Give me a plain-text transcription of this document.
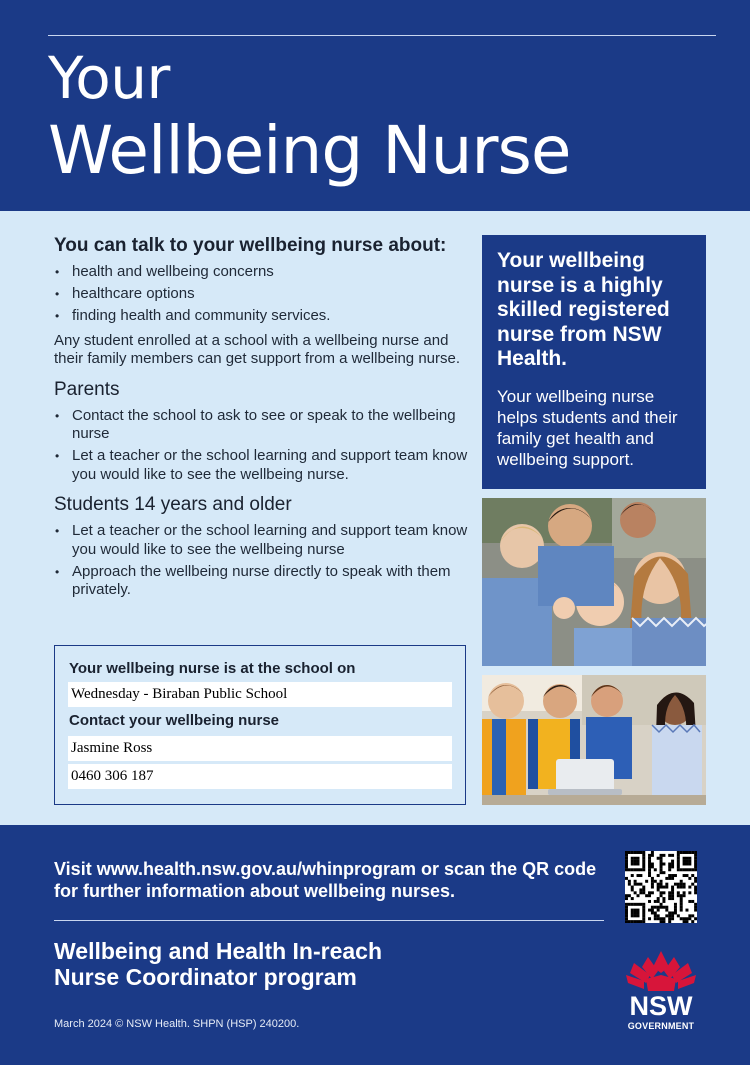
Your
Wellbeing Nurse
You can talk to your wellbeing nurse about:
• health and wellbeing concerns
• healthcare options
• finding health and community services.

Any student enrolled at a school with a wellbeing nurse and their family members can get support from a wellbeing nurse.

Parents
• Contact the school to ask to see or speak to the wellbeing nurse
• Let a teacher or the school learning and support team know you would like to see the wellbeing nurse.
Students 14 years and older
• Let a teacher or the school learning and support team know you would like to see the wellbeing nurse
• Approach the wellbeing nurse directly to speak with them privately.
Your wellbeing nurse is at the school on
Wednesday - Biraban Public School
Contact your wellbeing nurse
Jasmine Ross
0460 306 187
Your wellbeing nurse is a highly skilled registered nurse from NSW Health.
Your wellbeing nurse helps students and their family get health and wellbeing support.
Visit www.health.nsw.gov.au/whinprogram or scan the QR code for further information about wellbeing nurses.
Wellbeing and Health In-reach
Nurse Coordinator program
March 2024 © NSW Health. SHPN (HSP) 240200.
NSW
GOVERNMENT
